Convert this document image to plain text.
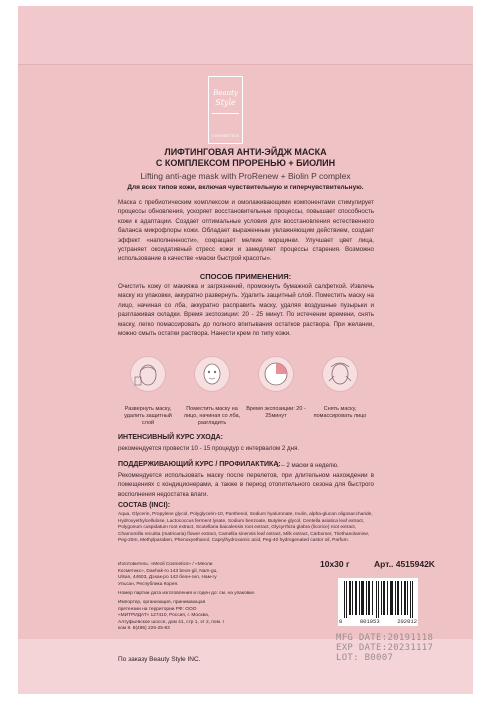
Beauty
Style
COSMETICS
ЛИФТИНГОВАЯ АНТИ-ЭЙДЖ МАСКА
С КОМПЛЕКСОМ ПРОРЕНЬЮ + БИОЛИН
Lifting anti-age mask with ProRenew + Biolin P complex
Для всех типов кожи, включая чувствительную и гиперчувствительную.
Маска с пребиотическим комплексом и омолаживающими компонентами стимулирует процессы обновления, ускоряет восстановительные процессы, повышает способность кожи к адаптации. Создает оптимальные условия для восстановления естественного баланса микрофлоры кожи. Обладает выраженным увлажняющим действием, создает эффект «наполненности», сокращает мелкие морщинки. Улучшает цвет лица, устраняет оксидативный стресс кожи и замедляет процессы старения. Возможно использование в качестве «маски быстрой красоты».
СПОСОБ ПРИМЕНЕНИЯ:
Очистить кожу от макияжа и загрязнений, промокнуть бумажной салфеткой. Извлечь маску из упаковки, аккуратно развернуть. Удалить защитный слой. Поместить маску на лицо, начиная со лба, аккуратно расправить маску, удаляя воздушные пузырьки и разглаживая складки. Время экспозиции: 20 - 25 минут. По истечении времени, снять маску, легко помассировать до полного впитывания остатков раствора. При желании, можно смыть остатки раствора. Нанести крем по типу кожи.
Развернуть маску, удалить защитный слой
Поместить маску на лицо, начиная со лба, разгладить
Время экспозиции: 20 - 25минут
Снять маску, помассировать лицо
ИНТЕНСИВНЫЙ КУРС УХОДА:
рекомендуется провести 10 - 15 процедур с интервалом 2 дня.
ПОДДЕРЖИВАЮЩИЙ КУРС / ПРОФИЛАКТИКА:
1 – 2 маски в неделю.
Рекомендуется использовать маску после перелетов, при длительном нахождении в помещениях с кондиционерами, а также в период отопительного сезона для быстрого восполнения недостатка влаги.
СОСТАВ (INCI):
Aqua, Glycerin, Propylene glycol, Polyglycerin-10, Panthenol, Sodium hyaluronate, Inulin, alpha-glucan oligosaccharide, Hydroxyethylcellulose, Lactococcus ferment lysate, Sodium benzoate, Butylene glycol, Centella asiatica leaf extract, Polygonum cuspidatum root extract, Scutellaria baicalensis root extract, Glycyrrhiza glabra (licorice) root extract, Chamomilla recutita (matricaria) flower extract, Camellia sinensis leaf extract, Milk extract, Carbomer, Triethanolamine, Peg-20m, Methylparaben, Phenoxyethanol, Caprylhydroxamic acid, Peg-40 hydrogenated castor oil, Parfum.
Изготовитель: «Meoli Cosmetics» / «Меоли Косметикс», Daehak-ro 143 beon-gil, Nam-gu, Ulsan, 44603, Дэхак-ро 143 беон-гил, Нам-гу Ульсан, Республика Корея.
Номер партии дата изготовления и годен до: см. на упаковке.
Импортер, организация, принимающая претензии на территории РФ: ООО «МИТРИДАТ» 127410, Россия, г. Москва, Алтуфьевское шоссе, дом 41, стр 1, эт 2, пом. I ком 8. 8(495) 225-25-83
10х30 г	Арт.. 4515942K
8	801053	202012
MFG DATE:20191118
EXP DATE:20231117
LOT: B0007
По заказу Beauty Style INC.
